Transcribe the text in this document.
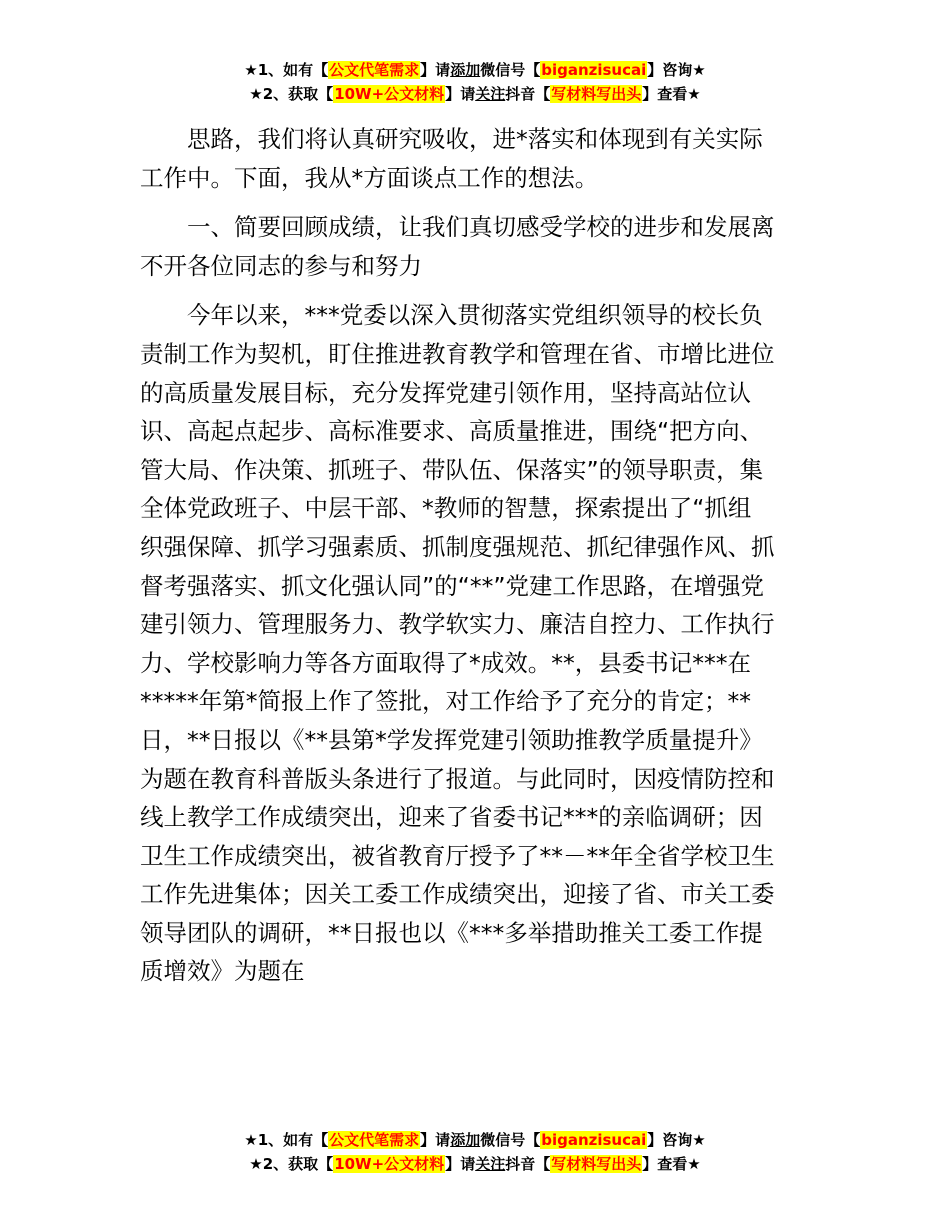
★1、如有【公文代笔需求】请添加微信号【biganzisucai】咨询★
★2、获取【10W+公文材料】请关注抖音【写材料写出头】查看★

思路，我们将认真研究吸收，进*落实和体现到有关实际
工作中。下面，我从*方面谈点工作的想法。

一、简要回顾成绩，让我们真切感受学校的进步和发展离
不开各位同志的参与和努力

今年以来，***党委以深入贯彻落实党组织领导的校长负
责制工作为契机，盯住推进教育教学和管理在省、市增比进位
的高质量发展目标，充分发挥党建引领作用，坚持高站位认
识、高起点起步、高标准要求、高质量推进，围绕“把方向、
管大局、作决策、抓班子、带队伍、保落实”的领导职责，集
全体党政班子、中层干部、*教师的智慧，探索提出了“抓组
织强保障、抓学习强素质、抓制度强规范、抓纪律强作风、抓
督考强落实、抓文化强认同”的“**”党建工作思路，在增强党
建引领力、管理服务力、教学软实力、廉洁自控力、工作执行
力、学校影响力等各方面取得了*成效。**，县委书记***在
*****年第*简报上作了签批，对工作给予了充分的肯定；**
日，**日报以《**县第*学发挥党建引领助推教学质量提升》
为题在教育科普版头条进行了报道。与此同时，因疫情防控和
线上教学工作成绩突出，迎来了省委书记***的亲临调研；因
卫生工作成绩突出，被省教育厅授予了**－**年全省学校卫生
工作先进集体；因关工委工作成绩突出，迎接了省、市关工委
领导团队的调研，**日报也以《***多举措助推关工委工作提
质增效》为题在

★1、如有【公文代笔需求】请添加微信号【biganzisucai】咨询★
★2、获取【10W+公文材料】请关注抖音【写材料写出头】查看★
